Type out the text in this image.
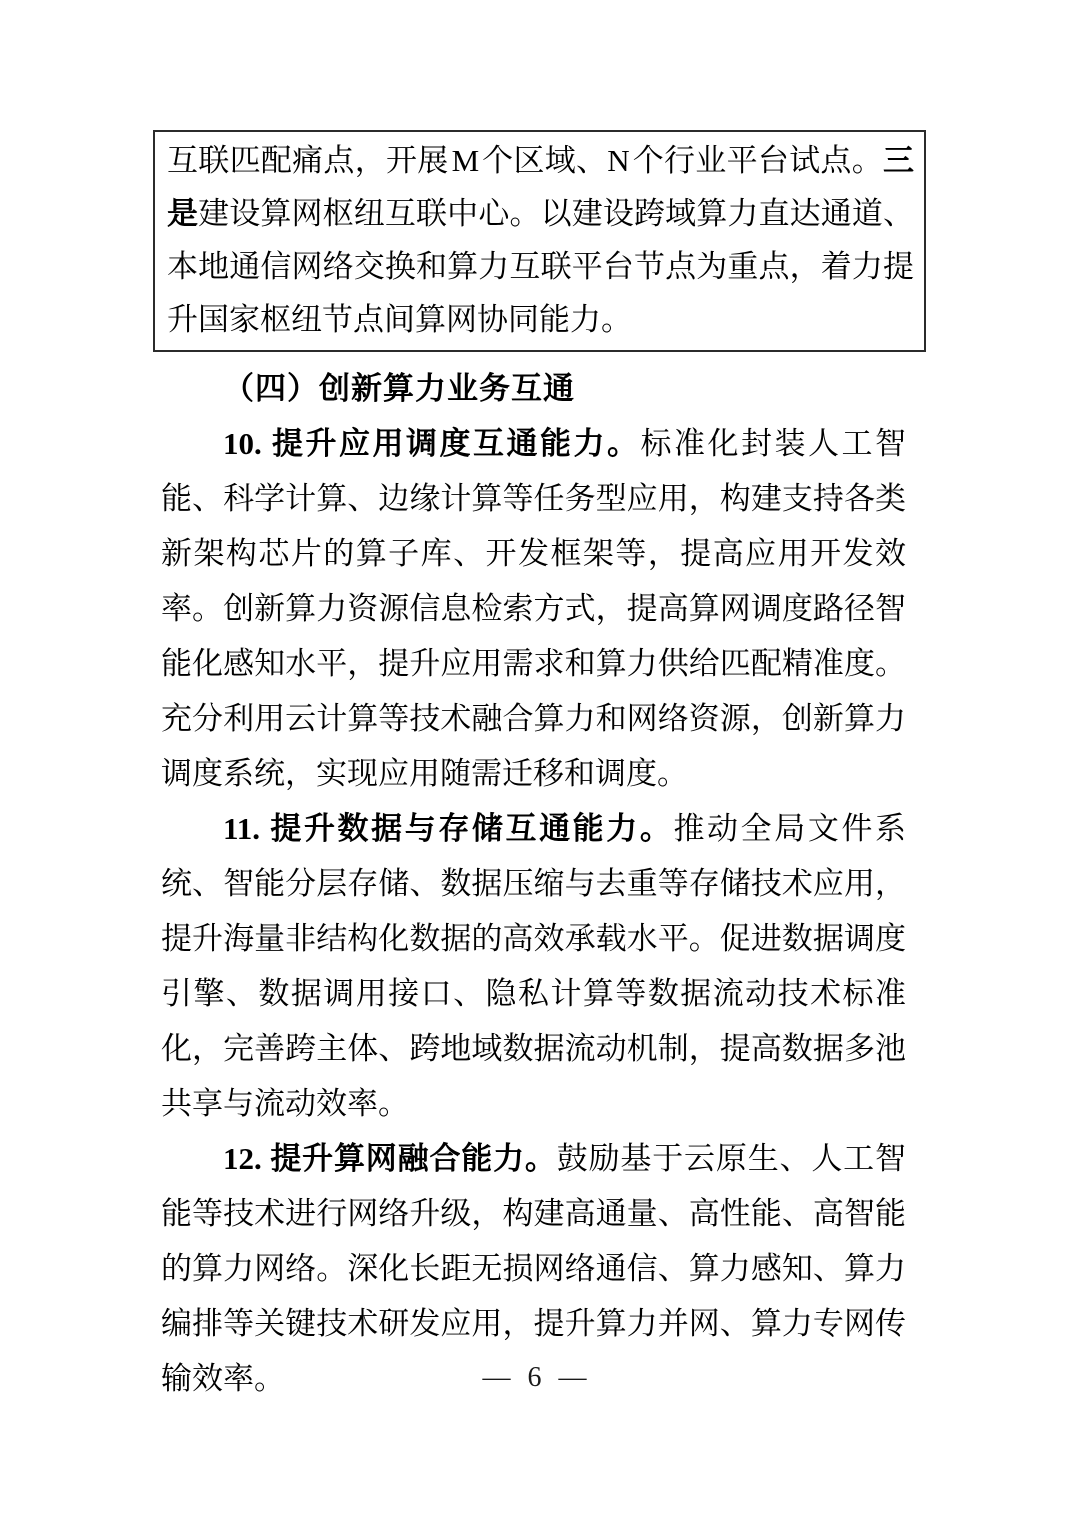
互联匹配痛点，开展 M 个区域、N 个行业平台试点。三是建设算网枢纽互联中心。以建设跨域算力直达通道、本地通信网络交换和算力互联平台节点为重点，着力提升国家枢纽节点间算网协同能力。

（四）创新算力业务互通

10. 提升应用调度互通能力。标准化封装人工智能、科学计算、边缘计算等任务型应用，构建支持各类新架构芯片的算子库、开发框架等，提高应用开发效率。创新算力资源信息检索方式，提高算网调度路径智能化感知水平，提升应用需求和算力供给匹配精准度。充分利用云计算等技术融合算力和网络资源，创新算力调度系统，实现应用随需迁移和调度。

11. 提升数据与存储互通能力。推动全局文件系统、智能分层存储、数据压缩与去重等存储技术应用，提升海量非结构化数据的高效承载水平。促进数据调度引擎、数据调用接口、隐私计算等数据流动技术标准化，完善跨主体、跨地域数据流动机制，提高数据多池共享与流动效率。

12. 提升算网融合能力。鼓励基于云原生、人工智能等技术进行网络升级，构建高通量、高性能、高智能的算力网络。深化长距无损网络通信、算力感知、算力编排等关键技术研发应用，提升算力并网、算力专网传输效率。	— 6 —
